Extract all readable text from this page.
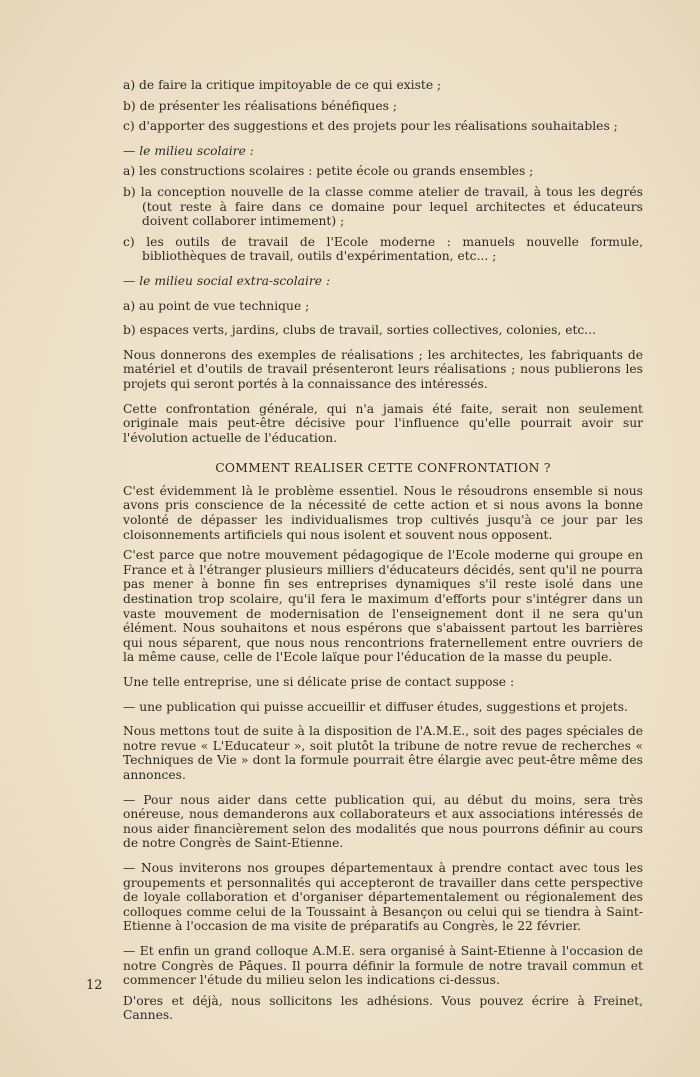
a) de faire la critique impitoyable de ce qui existe ;

b) de présenter les réalisations bénéfiques ;

c) d'apporter des suggestions et des projets pour les réalisations souhaitables ;

— le milieu scolaire :

a) les constructions scolaires : petite école ou grands ensembles ;

b) la conception nouvelle de la classe comme atelier de travail, à tous les degrés (tout reste à faire dans ce domaine pour lequel architectes et éducateurs doivent collaborer intimement) ;

c) les outils de travail de l'Ecole moderne : manuels nouvelle formule, bibliothèques de travail, outils d'expérimentation, etc... ;

— le milieu social extra-scolaire :

a) au point de vue technique ;

b) espaces verts, jardins, clubs de travail, sorties collectives, colonies, etc...

Nous donnerons des exemples de réalisations ; les architectes, les fabriquants de matériel et d'outils de travail présenteront leurs réalisations ; nous publierons les projets qui seront portés à la connaissance des intéressés.

Cette confrontation générale, qui n'a jamais été faite, serait non seulement originale mais peut-être décisive pour l'influence qu'elle pourrait avoir sur l'évolution actuelle de l'éducation.

COMMENT REALISER CETTE CONFRONTATION ?

C'est évidemment là le problème essentiel. Nous le résoudrons ensemble si nous avons pris conscience de la nécessité de cette action et si nous avons la bonne volonté de dépasser les individualismes trop cultivés jusqu'à ce jour par les cloisonnements artificiels qui nous isolent et souvent nous opposent.

C'est parce que notre mouvement pédagogique de l'Ecole moderne qui groupe en France et à l'étranger plusieurs milliers d'éducateurs décidés, sent qu'il ne pourra pas mener à bonne fin ses entreprises dynamiques s'il reste isolé dans une destination trop scolaire, qu'il fera le maximum d'efforts pour s'intégrer dans un vaste mouvement de modernisation de l'enseignement dont il ne sera qu'un élément. Nous souhaitons et nous espérons que s'abaissent partout les barrières qui nous séparent, que nous nous rencontrions fraternellement entre ouvriers de la même cause, celle de l'Ecole laïque pour l'éducation de la masse du peuple.

Une telle entreprise, une si délicate prise de contact suppose :

— une publication qui puisse accueillir et diffuser études, suggestions et projets.

Nous mettons tout de suite à la disposition de l'A.M.E., soit des pages spéciales de notre revue « L'Educateur », soit plutôt la tribune de notre revue de recherches « Techniques de Vie » dont la formule pourrait être élargie avec peut-être même des annonces.

— Pour nous aider dans cette publication qui, au début du moins, sera très onéreuse, nous demanderons aux collaborateurs et aux associations intéressés de nous aider financièrement selon des modalités que nous pourrons définir au cours de notre Congrès de Saint-Etienne.

— Nous inviterons nos groupes départementaux à prendre contact avec tous les groupements et personnalités qui accepteront de travailler dans cette perspective de loyale collaboration et d'organiser départementalement ou régionalement des colloques comme celui de la Toussaint à Besançon ou celui qui se tiendra à Saint-Etienne à l'occasion de ma visite de préparatifs au Congrès, le 22 février.

— Et enfin un grand colloque A.M.E. sera organisé à Saint-Etienne à l'occasion de notre Congrès de Pâques. Il pourra définir la formule de notre travail commun et commencer l'étude du milieu selon les indications ci-dessus.

D'ores et déjà, nous sollicitons les adhésions. Vous pouvez écrire à Freinet, Cannes.

12
